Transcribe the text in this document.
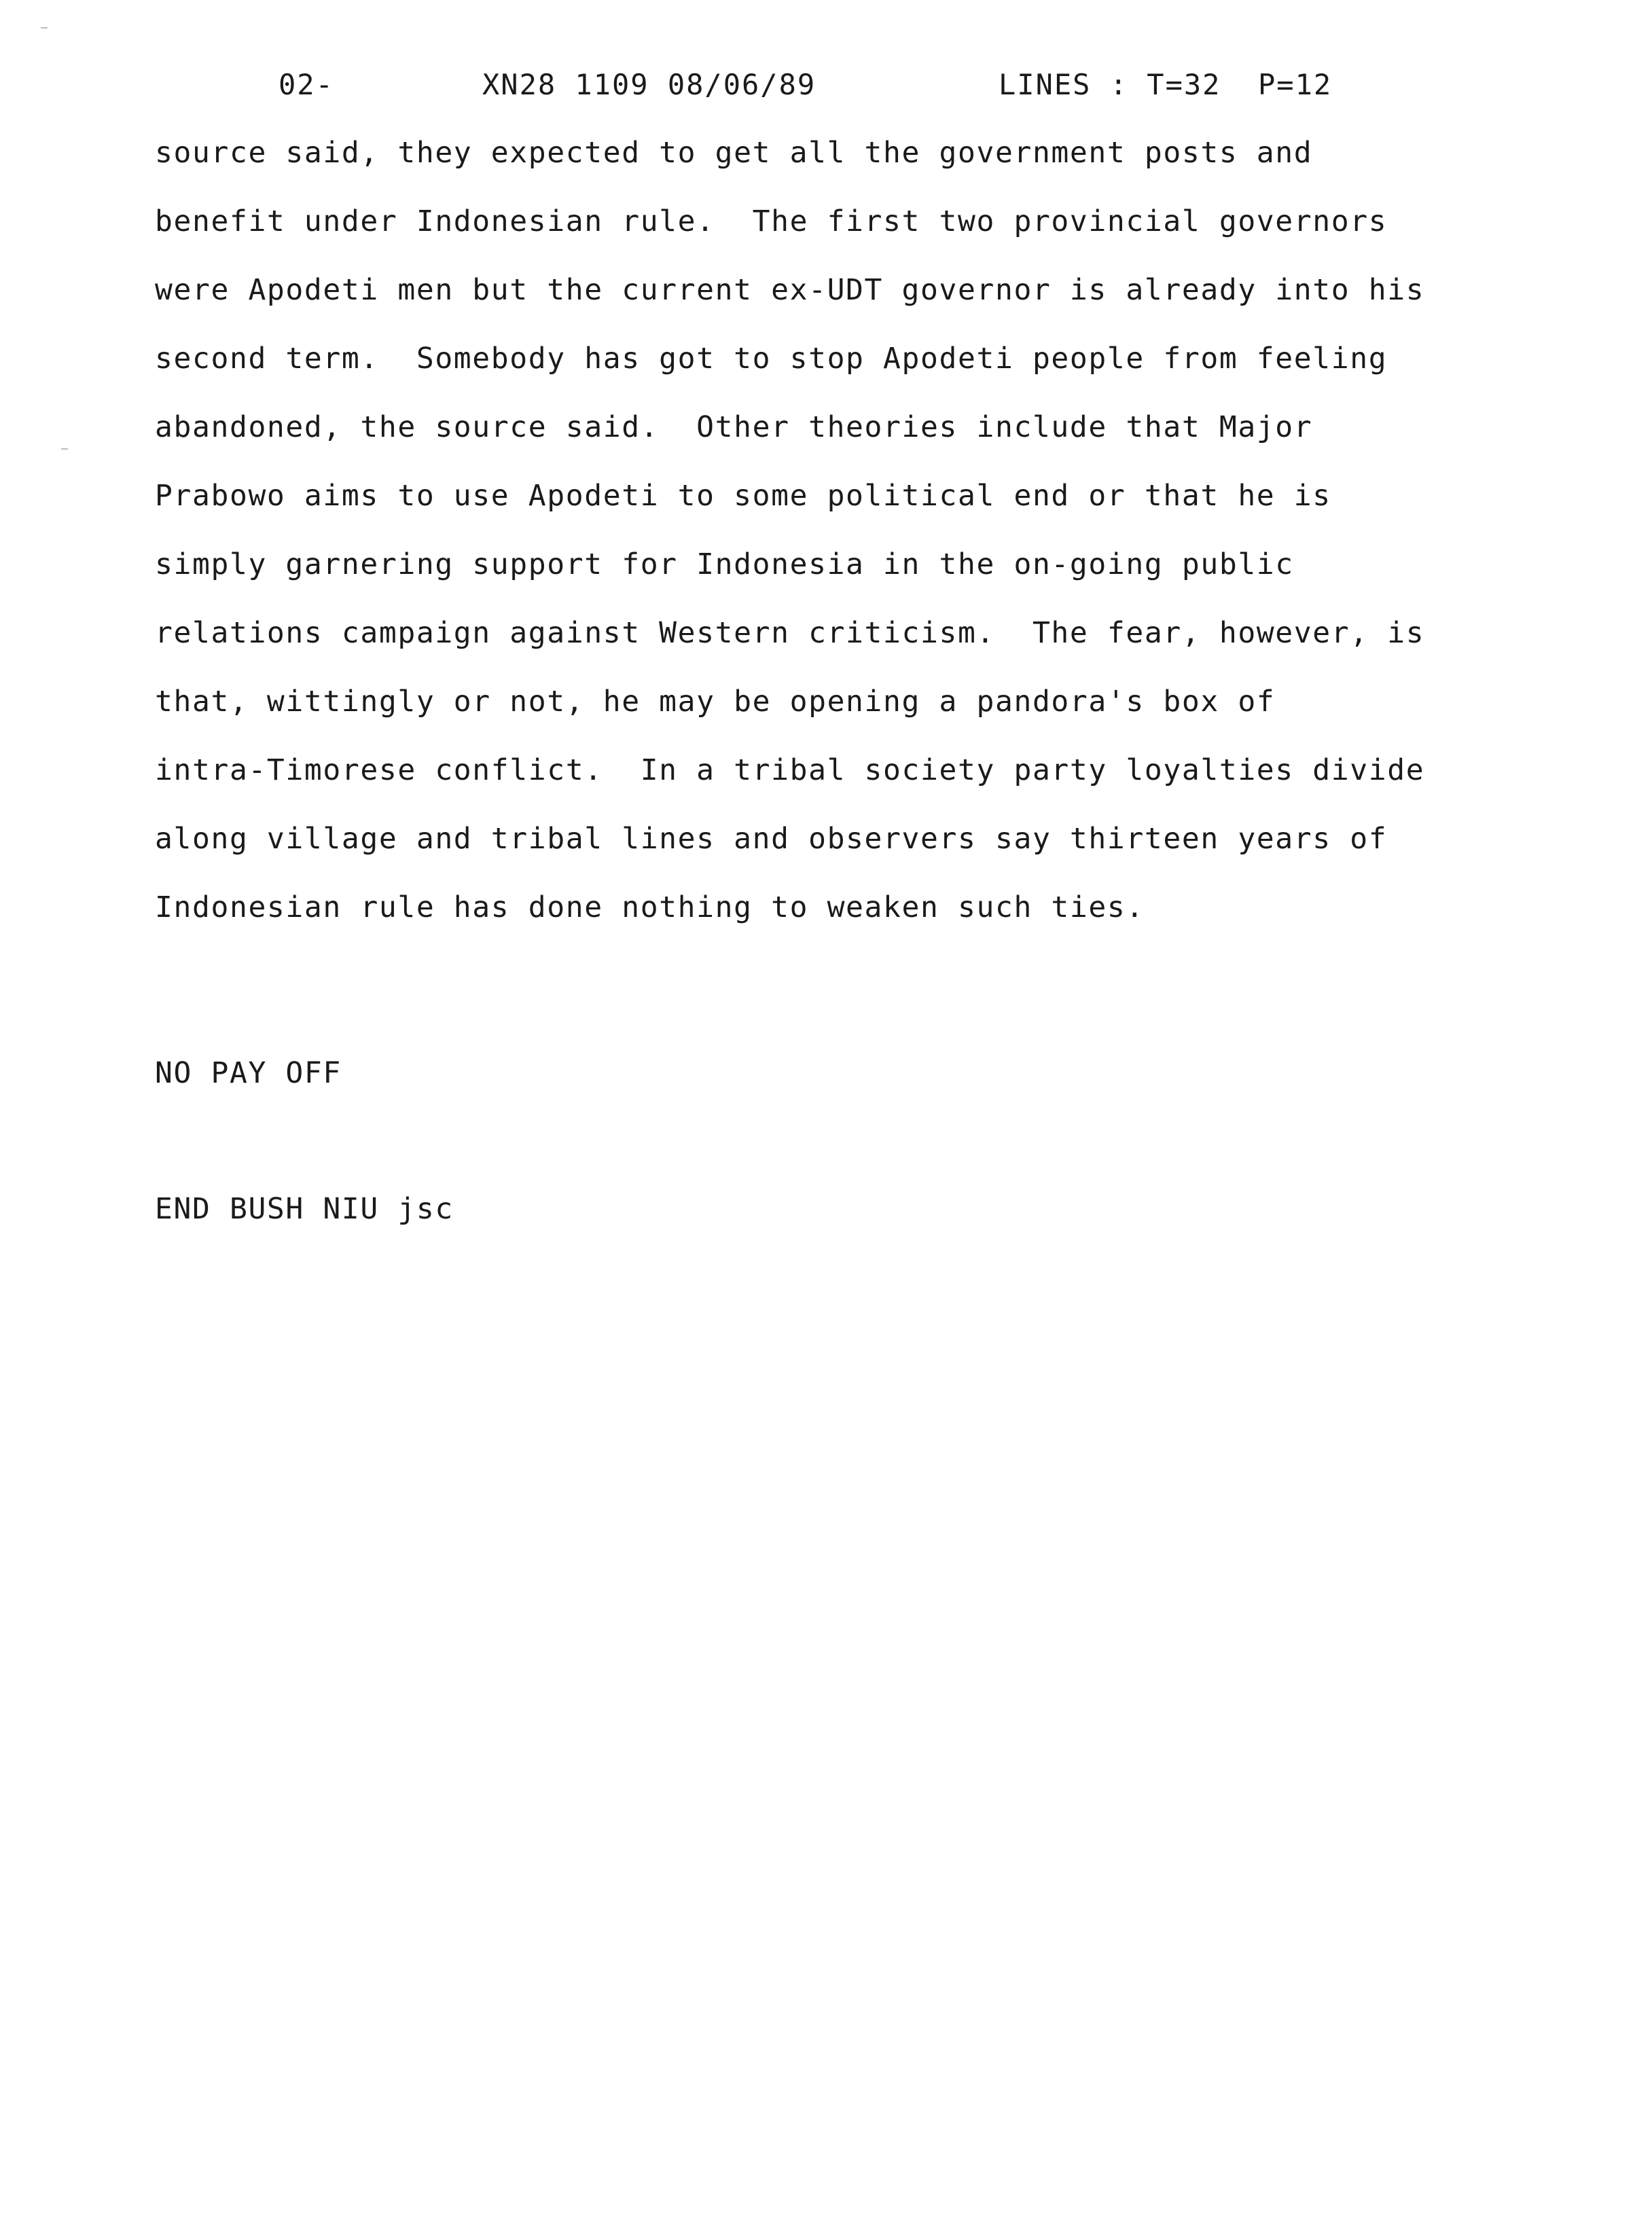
02-

	XN28 1109 08/06/89

	LINES : T=32  P=12

source said, they expected to get all the government posts and
benefit under Indonesian rule.  The first two provincial governors
were Apodeti men but the current ex-UDT governor is already into his
second term.  Somebody has got to stop Apodeti people from feeling
abandoned, the source said.  Other theories include that Major
Prabowo aims to use Apodeti to some political end or that he is
simply garnering support for Indonesia in the on-going public
relations campaign against Western criticism.  The fear, however, is
that, wittingly or not, he may be opening a pandora's box of
intra-Timorese conflict.  In a tribal society party loyalties divide
along village and tribal lines and observers say thirteen years of
Indonesian rule has done nothing to weaken such ties.

NO PAY OFF

END BUSH NIU jsc
